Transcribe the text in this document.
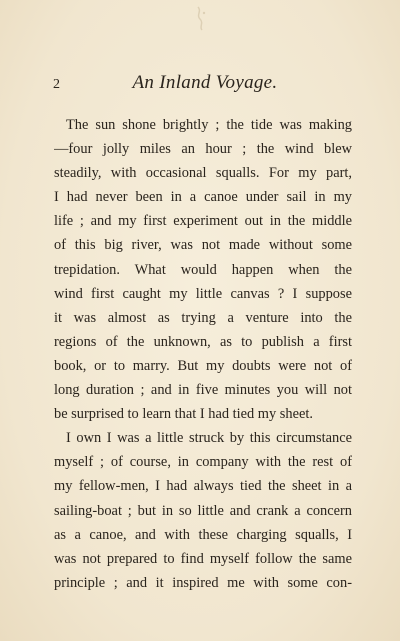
2	An Inland Voyage.
The sun shone brightly ; the tide was making
—four jolly miles an hour ; the wind blew
steadily, with occasional squalls. For my part,
I had never been in a canoe under sail in my
life ; and my first experiment out in the middle
of this big river, was not made without some
trepidation. What would happen when the
wind first caught my little canvas ? I suppose
it was almost as trying a venture into the
regions of the unknown, as to publish a first
book, or to marry. But my doubts were not of
long duration ; and in five minutes you will not
be surprised to learn that I had tied my sheet.
I own I was a little struck by this circumstance
myself ; of course, in company with the rest of
my fellow-men, I had always tied the sheet in a
sailing-boat ; but in so little and crank a concern
as a canoe, and with these charging squalls, I
was not prepared to find myself follow the same
principle ; and it inspired me with some con-
